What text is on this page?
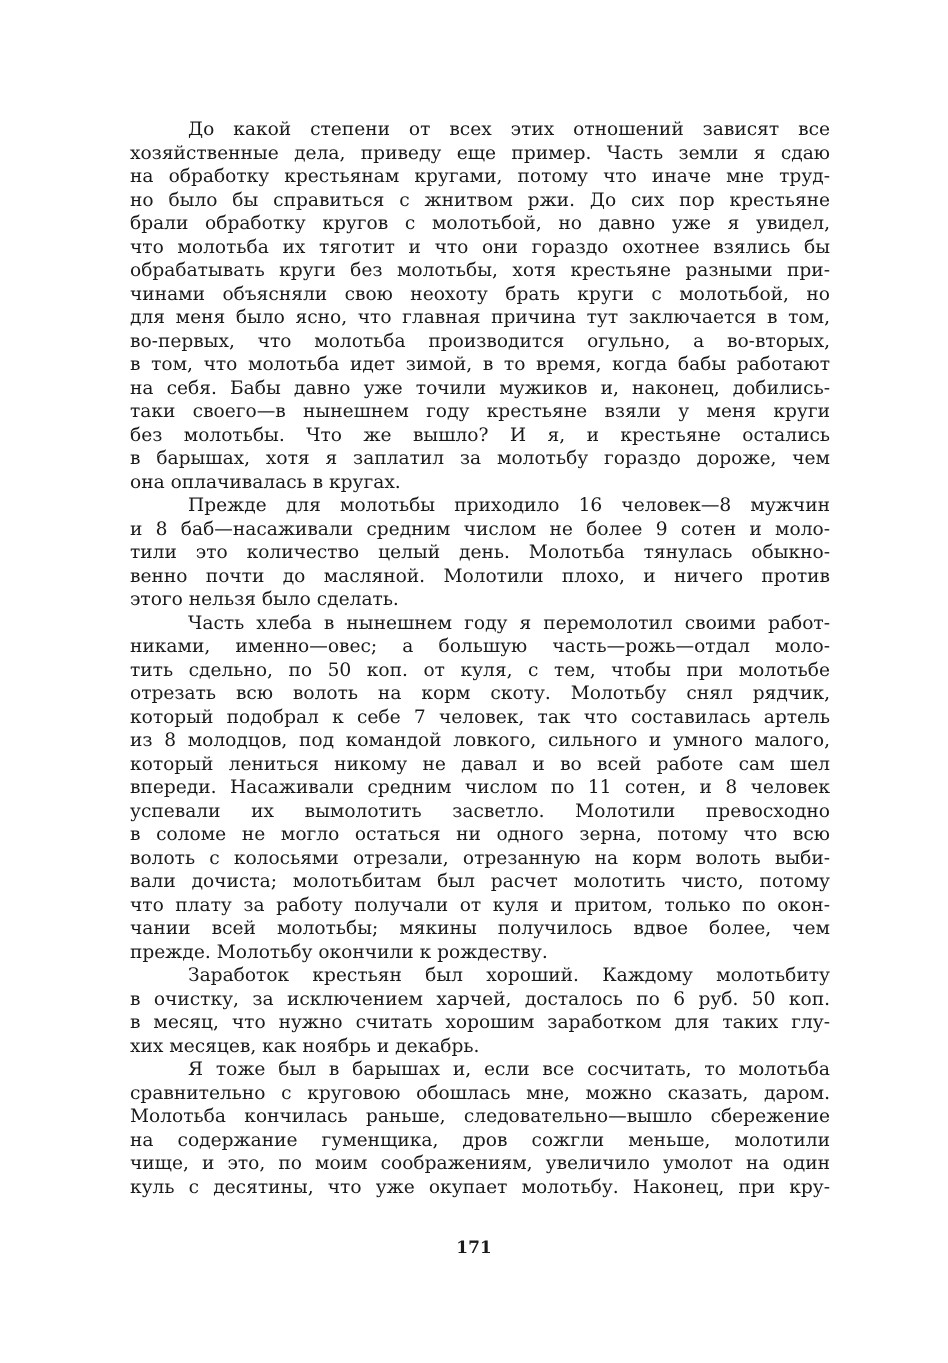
До какой степени от всех этих отношений зависят все
хозяйственные дела, приведу еще пример. Часть земли я сдаю
на обработку крестьянам кругами, потому что иначе мне труд-
но было бы справиться с жнитвом ржи. До сих пор крестьяне
брали обработку кругов с молотьбой, но давно уже я увидел,
что молотьба их тяготит и что они гораздо охотнее взялись бы
обрабатывать круги без молотьбы, хотя крестьяне разными при-
чинами объясняли свою неохоту брать круги с молотьбой, но
для меня было ясно, что главная причина тут заключается в том,
во-первых, что молотьба производится огульно, а во-вторых,
в том, что молотьба идет зимой, в то время, когда бабы работают
на себя. Бабы давно уже точили мужиков и, наконец, добились-
таки своего—в нынешнем году крестьяне взяли у меня круги
без молотьбы. Что же вышло? И я, и крестьяне остались
в барышах, хотя я заплатил за молотьбу гораздо дороже, чем
она оплачивалась в кругах.
Прежде для молотьбы приходило 16 человек—8 мужчин
и 8 баб—насаживали средним числом не более 9 сотен и моло-
тили это количество целый день. Молотьба тянулась обыкно-
венно почти до масляной. Молотили плохо, и ничего против
этого нельзя было сделать.
Часть хлеба в нынешнем году я перемолотил своими работ-
никами, именно—овес; а большую часть—рожь—отдал моло-
тить сдельно, по 50 коп. от куля, с тем, чтобы при молотьбе
отрезать всю волоть на корм скоту. Молотьбу снял рядчик,
который подобрал к себе 7 человек, так что составилась артель
из 8 молодцов, под командой ловкого, сильного и умного малого,
который лениться никому не давал и во всей работе сам шел
впереди. Насаживали средним числом по 11 сотен, и 8 человек
успевали их вымолотить засветло. Молотили превосходно
в соломе не могло остаться ни одного зерна, потому что всю
волоть с колосьями отрезали, отрезанную на корм волоть выби-
вали дочиста; молотьбитам был расчет молотить чисто, потому
что плату за работу получали от куля и притом, только по окон-
чании всей молотьбы; мякины получилось вдвое более, чем
прежде. Молотьбу окончили к рождеству.
Заработок крестьян был хороший. Каждому молотьбиту
в очистку, за исключением харчей, досталось по 6 руб. 50 коп.
в месяц, что нужно считать хорошим заработком для таких глу-
хих месяцев, как ноябрь и декабрь.
Я тоже был в барышах и, если все сосчитать, то молотьба
сравнительно с круговою обошлась мне, можно сказать, даром.
Молотьба кончилась раньше, следовательно—вышло сбережение
на содержание гуменщика, дров сожгли меньше, молотили
чище, и это, по моим соображениям, увеличило умолот на один
куль с десятины, что уже окупает молотьбу. Наконец, при кру-
171
